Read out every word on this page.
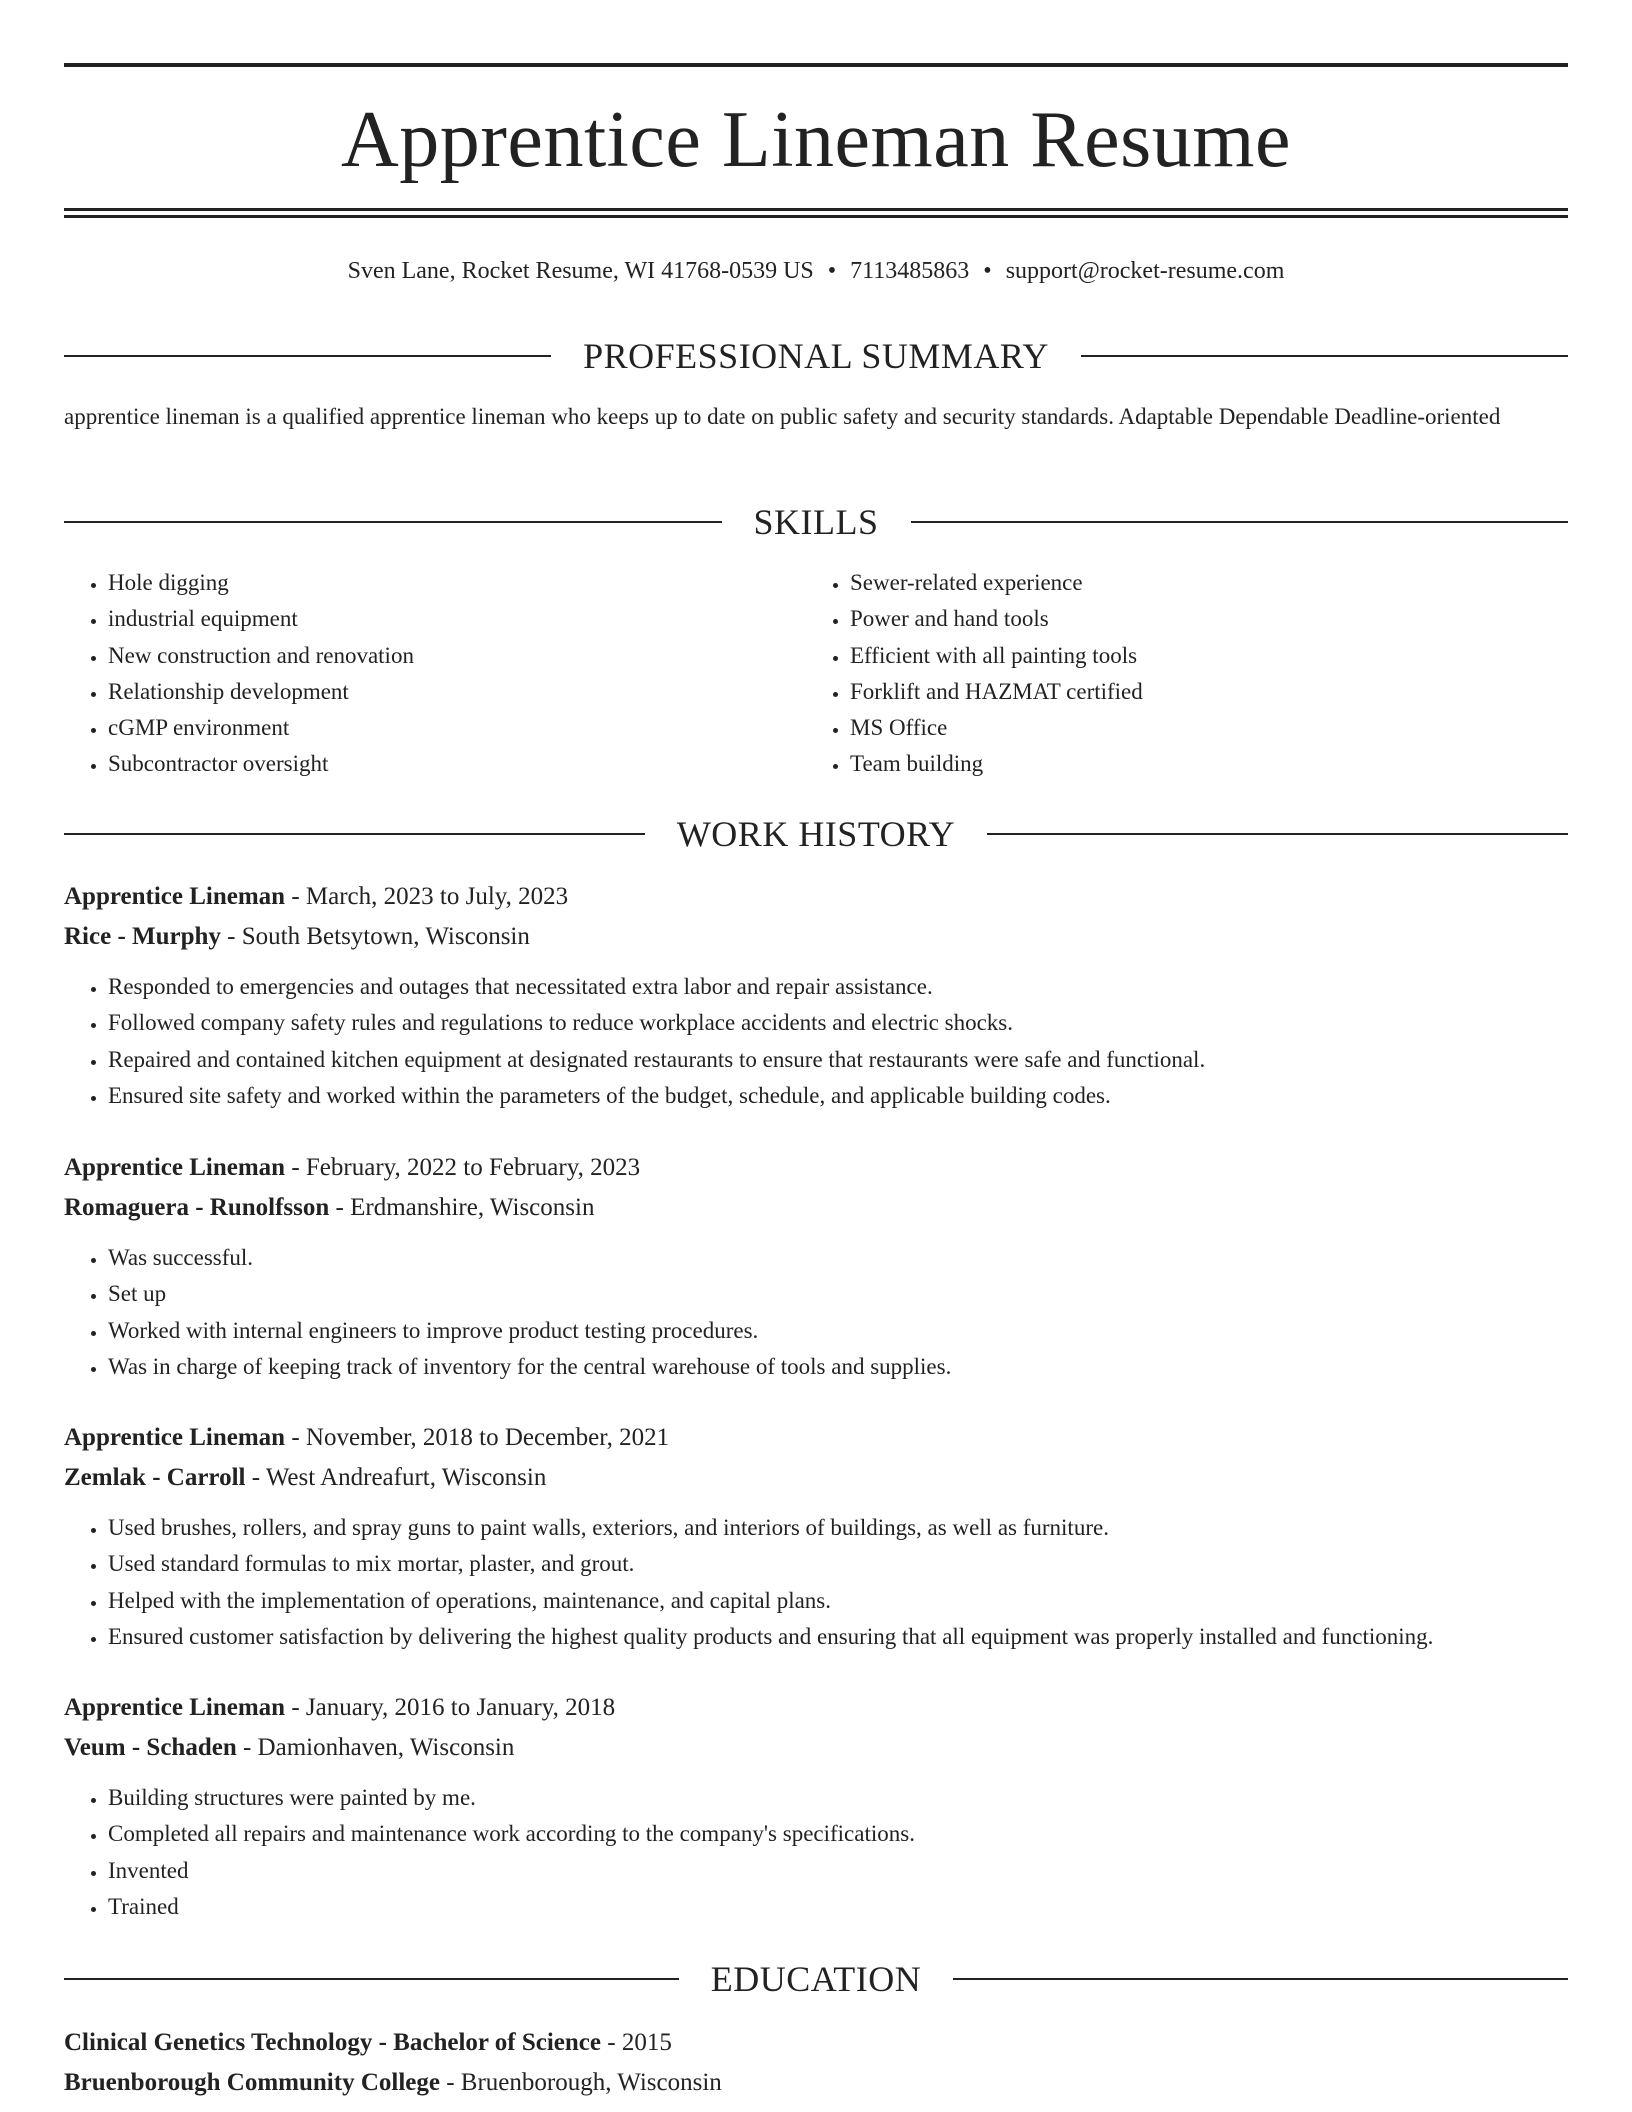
Apprentice Lineman Resume
Sven Lane, Rocket Resume, WI 41768-0539 US • 7113485863 • support@rocket-resume.com
PROFESSIONAL SUMMARY

apprentice lineman is a qualified apprentice lineman who keeps up to date on public safety and security standards. Adaptable Dependable Deadline-oriented

SKILLS
• Hole digging
• industrial equipment
• New construction and renovation
• Relationship development
• cGMP environment
• Subcontractor oversight
• Sewer-related experience
• Power and hand tools
• Efficient with all painting tools
• Forklift and HAZMAT certified
• MS Office
• Team building
WORK HISTORY
Apprentice Lineman - March, 2023 to July, 2023
Rice - Murphy - South Betsytown, Wisconsin
• Responded to emergencies and outages that necessitated extra labor and repair assistance.
• Followed company safety rules and regulations to reduce workplace accidents and electric shocks.
• Repaired and contained kitchen equipment at designated restaurants to ensure that restaurants were safe and functional.
• Ensured site safety and worked within the parameters of the budget, schedule, and applicable building codes.
Apprentice Lineman - February, 2022 to February, 2023
Romaguera - Runolfsson - Erdmanshire, Wisconsin
• Was successful.
• Set up
• Worked with internal engineers to improve product testing procedures.
• Was in charge of keeping track of inventory for the central warehouse of tools and supplies.
Apprentice Lineman - November, 2018 to December, 2021
Zemlak - Carroll - West Andreafurt, Wisconsin
• Used brushes, rollers, and spray guns to paint walls, exteriors, and interiors of buildings, as well as furniture.
• Used standard formulas to mix mortar, plaster, and grout.
• Helped with the implementation of operations, maintenance, and capital plans.
• Ensured customer satisfaction by delivering the highest quality products and ensuring that all equipment was properly installed and functioning.
Apprentice Lineman - January, 2016 to January, 2018
Veum - Schaden - Damionhaven, Wisconsin
• Building structures were painted by me.
• Completed all repairs and maintenance work according to the company's specifications.
• Invented
• Trained
EDUCATION
Clinical Genetics Technology - Bachelor of Science - 2015
Bruenborough Community College - Bruenborough, Wisconsin
